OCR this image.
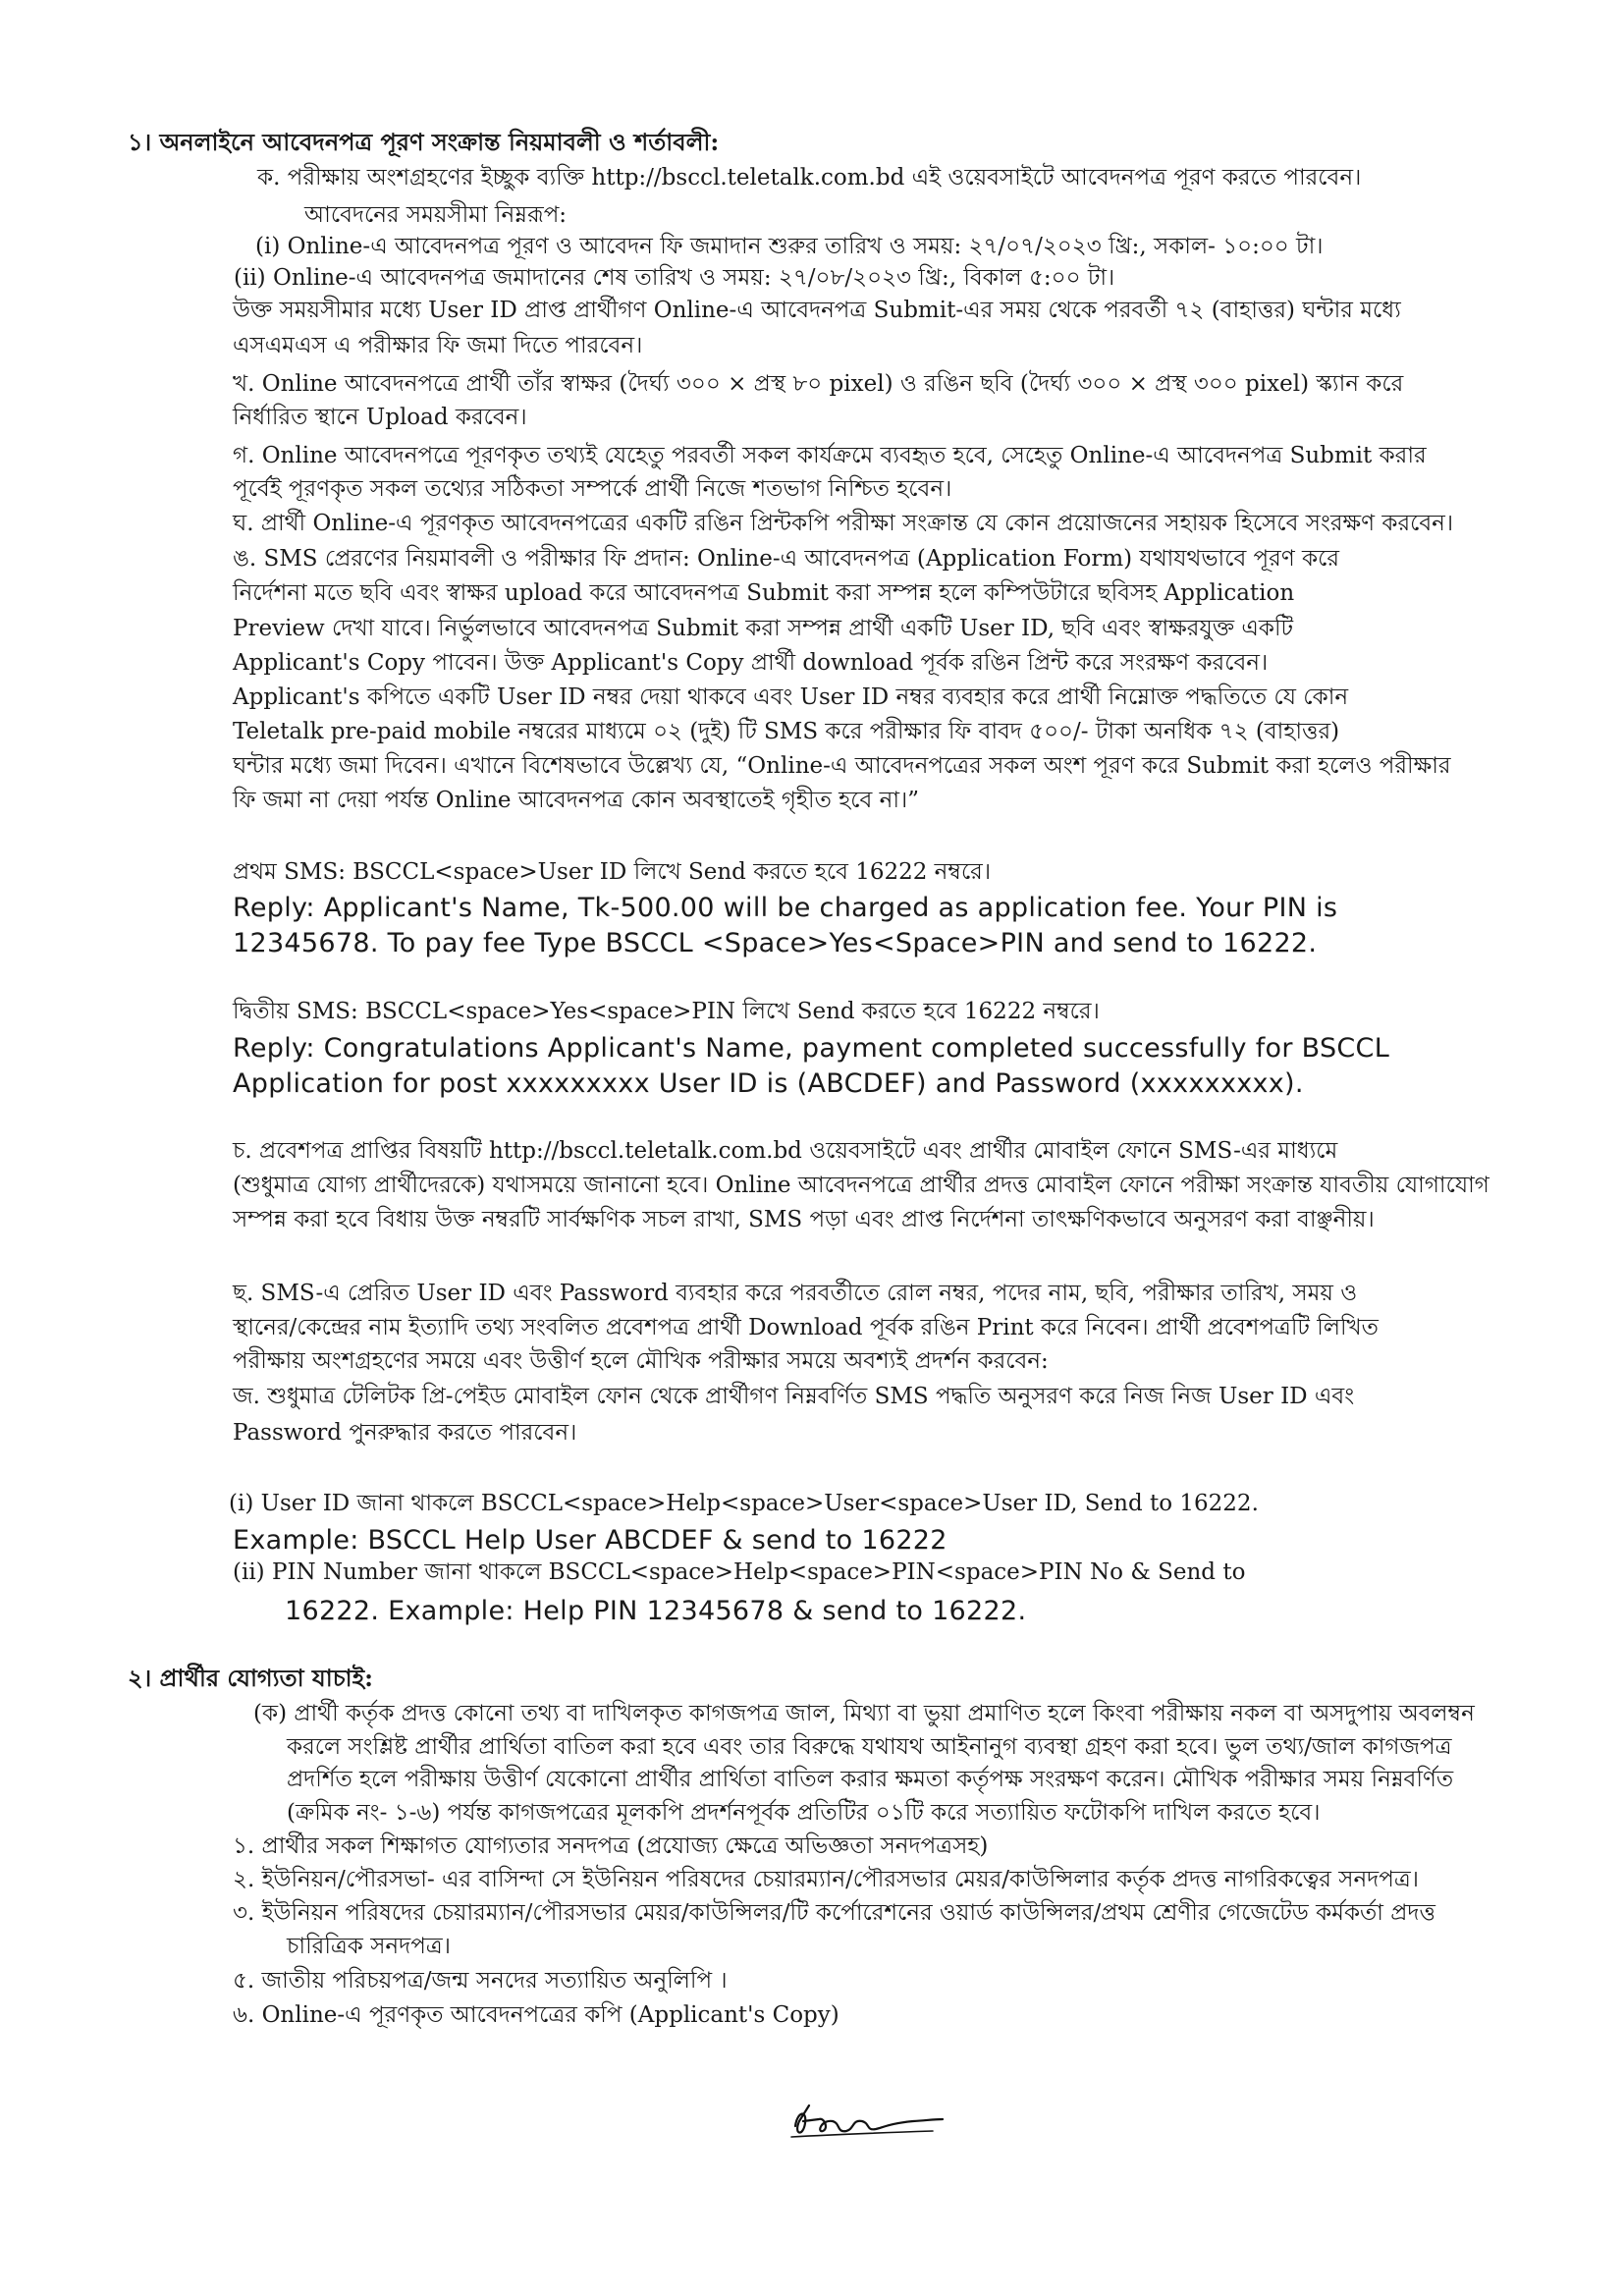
১। অনলাইনে আবেদনপত্র পূরণ সংক্রান্ত নিয়মাবলী ও শর্তাবলী:
ক. পরীক্ষায় অংশগ্রহণের ইচ্ছুক ব্যক্তি http://bsccl.teletalk.com.bd এই ওয়েবসাইটে আবেদনপত্র পূরণ করতে পারবেন।
আবেদনের সময়সীমা নিম্নরূপ:
(i) Online-এ আবেদনপত্র পূরণ ও আবেদন ফি জমাদান শুরুর তারিখ ও সময়: ২৭/০৭/২০২৩ খ্রি:, সকাল- ১০:০০ টা।
(ii) Online-এ আবেদনপত্র জমাদানের শেষ তারিখ ও সময়: ২৭/০৮/২০২৩ খ্রি:, বিকাল ৫:০০ টা।
উক্ত সময়সীমার মধ্যে User ID প্রাপ্ত প্রার্থীগণ Online-এ আবেদনপত্র Submit-এর সময় থেকে পরবর্তী ৭২ (বাহাত্তর) ঘন্টার মধ্যে
এসএমএস এ পরীক্ষার ফি জমা দিতে পারবেন।
খ. Online আবেদনপত্রে প্রার্থী তাঁর স্বাক্ষর (দৈর্ঘ্য ৩০০ × প্রস্থ ৮০ pixel) ও রঙিন ছবি (দৈর্ঘ্য ৩০০ × প্রস্থ ৩০০ pixel) স্ক্যান করে
নির্ধারিত স্থানে Upload করবেন।
গ. Online আবেদনপত্রে পূরণকৃত তথ্যই যেহেতু পরবর্তী সকল কার্যক্রমে ব্যবহৃত হবে, সেহেতু Online-এ আবেদনপত্র Submit করার
পূর্বেই পূরণকৃত সকল তথ্যের সঠিকতা সম্পর্কে প্রার্থী নিজে শতভাগ নিশ্চিত হবেন।
ঘ. প্রার্থী Online-এ পূরণকৃত আবেদনপত্রের একটি রঙিন প্রিন্টকপি পরীক্ষা সংক্রান্ত যে কোন প্রয়োজনের সহায়ক হিসেবে সংরক্ষণ করবেন।
ঙ. SMS প্রেরণের নিয়মাবলী ও পরীক্ষার ফি প্রদান: Online-এ আবেদনপত্র (Application Form) যথাযথভাবে পূরণ করে
নির্দেশনা মতে ছবি এবং স্বাক্ষর upload করে আবেদনপত্র Submit করা সম্পন্ন হলে কম্পিউটারে ছবিসহ Application
Preview দেখা যাবে। নির্ভুলভাবে আবেদনপত্র Submit করা সম্পন্ন প্রার্থী একটি User ID, ছবি এবং স্বাক্ষরযুক্ত একটি
Applicant's Copy পাবেন। উক্ত Applicant's Copy প্রার্থী download পূর্বক রঙিন প্রিন্ট করে সংরক্ষণ করবেন।
Applicant's কপিতে একটি User ID নম্বর দেয়া থাকবে এবং User ID নম্বর ব্যবহার করে প্রার্থী নিম্নোক্ত পদ্ধতিতে যে কোন
Teletalk pre-paid mobile নম্বরের মাধ্যমে ০২ (দুই) টি SMS করে পরীক্ষার ফি বাবদ ৫০০/- টাকা অনধিক ৭২ (বাহাত্তর)
ঘন্টার মধ্যে জমা দিবেন। এখানে বিশেষভাবে উল্লেখ্য যে, “Online-এ আবেদনপত্রের সকল অংশ পূরণ করে Submit করা হলেও পরীক্ষার
ফি জমা না দেয়া পর্যন্ত Online আবেদনপত্র কোন অবস্থাতেই গৃহীত হবে না।”
প্রথম SMS: BSCCL<space>User ID লিখে Send করতে হবে 16222 নম্বরে।
Reply: Applicant's Name, Tk-500.00 will be charged as application fee. Your PIN is
12345678. To pay fee Type BSCCL <Space>Yes<Space>PIN and send to 16222.
দ্বিতীয় SMS: BSCCL<space>Yes<space>PIN লিখে Send করতে হবে 16222 নম্বরে।
Reply: Congratulations Applicant's Name, payment completed successfully for BSCCL
Application for post xxxxxxxxx User ID is (ABCDEF) and Password (xxxxxxxxx).
চ. প্রবেশপত্র প্রাপ্তির বিষয়টি http://bsccl.teletalk.com.bd ওয়েবসাইটে এবং প্রার্থীর মোবাইল ফোনে SMS-এর মাধ্যমে
(শুধুমাত্র যোগ্য প্রার্থীদেরকে) যথাসময়ে জানানো হবে। Online আবেদনপত্রে প্রার্থীর প্রদত্ত মোবাইল ফোনে পরীক্ষা সংক্রান্ত যাবতীয় যোগাযোগ
সম্পন্ন করা হবে বিধায় উক্ত নম্বরটি সার্বক্ষণিক সচল রাখা, SMS পড়া এবং প্রাপ্ত নির্দেশনা তাৎক্ষণিকভাবে অনুসরণ করা বাঞ্ছনীয়।
ছ. SMS-এ প্রেরিত User ID এবং Password ব্যবহার করে পরবর্তীতে রোল নম্বর, পদের নাম, ছবি, পরীক্ষার তারিখ, সময় ও
স্থানের/কেন্দ্রের নাম ইত্যাদি তথ্য সংবলিত প্রবেশপত্র প্রার্থী Download পূর্বক রঙিন Print করে নিবেন। প্রার্থী প্রবেশপত্রটি লিখিত
পরীক্ষায় অংশগ্রহণের সময়ে এবং উত্তীর্ণ হলে মৌখিক পরীক্ষার সময়ে অবশ্যই প্রদর্শন করবেন:
জ. শুধুমাত্র টেলিটক প্রি-পেইড মোবাইল ফোন থেকে প্রার্থীগণ নিম্নবর্ণিত SMS পদ্ধতি অনুসরণ করে নিজ নিজ User ID এবং
Password পুনরুদ্ধার করতে পারবেন।
(i) User ID জানা থাকলে BSCCL<space>Help<space>User<space>User ID, Send to 16222.
Example: BSCCL Help User ABCDEF & send to 16222
(ii) PIN Number জানা থাকলে BSCCL<space>Help<space>PIN<space>PIN No & Send to
16222. Example: Help PIN 12345678 & send to 16222.
২। প্রার্থীর যোগ্যতা যাচাই:
(ক) প্রার্থী কর্তৃক প্রদত্ত কোনো তথ্য বা দাখিলকৃত কাগজপত্র জাল, মিথ্যা বা ভুয়া প্রমাণিত হলে কিংবা পরীক্ষায় নকল বা অসদুপায় অবলম্বন
করলে সংশ্লিষ্ট প্রার্থীর প্রার্থিতা বাতিল করা হবে এবং তার বিরুদ্ধে যথাযথ আইনানুগ ব্যবস্থা গ্রহণ করা হবে। ভুল তথ্য/জাল কাগজপত্র
প্রদর্শিত হলে পরীক্ষায় উত্তীর্ণ যেকোনো প্রার্থীর প্রার্থিতা বাতিল করার ক্ষমতা কর্তৃপক্ষ সংরক্ষণ করেন। মৌখিক পরীক্ষার সময় নিম্নবর্ণিত
(ক্রমিক নং- ১-৬) পর্যন্ত কাগজপত্রের মূলকপি প্রদর্শনপূর্বক প্রতিটির ০১টি করে সত্যায়িত ফটোকপি দাখিল করতে হবে।
১. প্রার্থীর সকল শিক্ষাগত যোগ্যতার সনদপত্র (প্রযোজ্য ক্ষেত্রে অভিজ্ঞতা সনদপত্রসহ)
২. ইউনিয়ন/পৌরসভা- এর বাসিন্দা সে ইউনিয়ন পরিষদের চেয়ারম্যান/পৌরসভার মেয়র/কাউন্সিলার কর্তৃক প্রদত্ত নাগরিকত্বের সনদপত্র।
৩. ইউনিয়ন পরিষদের চেয়ারম্যান/পৌরসভার মেয়র/কাউন্সিলর/টি কর্পোরেশনের ওয়ার্ড কাউন্সিলর/প্রথম শ্রেণীর গেজেটেড কর্মকর্তা প্রদত্ত
চারিত্রিক সনদপত্র।
৫. জাতীয় পরিচয়পত্র/জন্ম সনদের সত্যায়িত অনুলিপি ।
৬. Online-এ পূরণকৃত আবেদনপত্রের কপি (Applicant's Copy)
